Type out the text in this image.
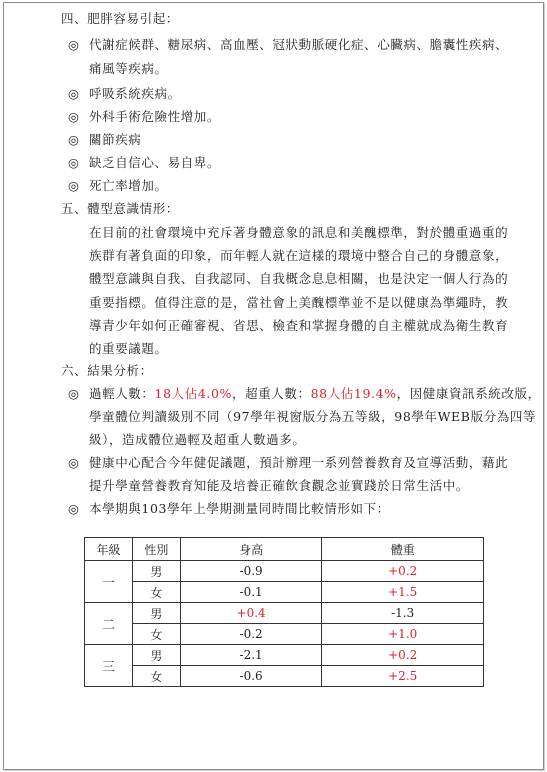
四、肥胖容易引起：
◎ 代謝症候群、糖尿病、高血壓、冠狀動脈硬化症、心臟病、膽囊性疾病、
痛風等疾病。
◎ 呼吸系統疾病。
◎ 外科手術危險性增加。
◎ 關節疾病
◎ 缺乏自信心、易自卑。
◎ 死亡率增加。
五、體型意識情形：
在目前的社會環境中充斥著身體意象的訊息和美醜標準，對於體重過重的
族群有著負面的印象，而年輕人就在這樣的環境中整合自己的身體意象，
體型意識與自我、自我認同、自我概念息息相關，也是決定一個人行為的
重要指標。值得注意的是，當社會上美醜標準並不是以健康為準繩時，教
導青少年如何正確審視、省思、檢查和掌握身體的自主權就成為衛生教育
的重要議題。
六、結果分析：
◎ 過輕人數：18人佔4.0%，超重人數：88人佔19.4%，因健康資訊系統改版，
學童體位判讀級別不同（97學年視窗版分為五等級，98學年WEB版分為四等
級），造成體位過輕及超重人數過多。
◎ 健康中心配合今年健促議題，預計辦理一系列營養教育及宣導活動，藉此
提升學童營養教育知能及培養正確飲食觀念並實踐於日常生活中。
◎ 本學期與103學年上學期測量同時間比較情形如下：
年級	性別	身高	體重
一	男	-0.9	+0.2
	女	-0.1	+1.5
二	男	+0.4	-1.3
	女	-0.2	+1.0
三	男	-2.1	+0.2
	女	-0.6	+2.5
